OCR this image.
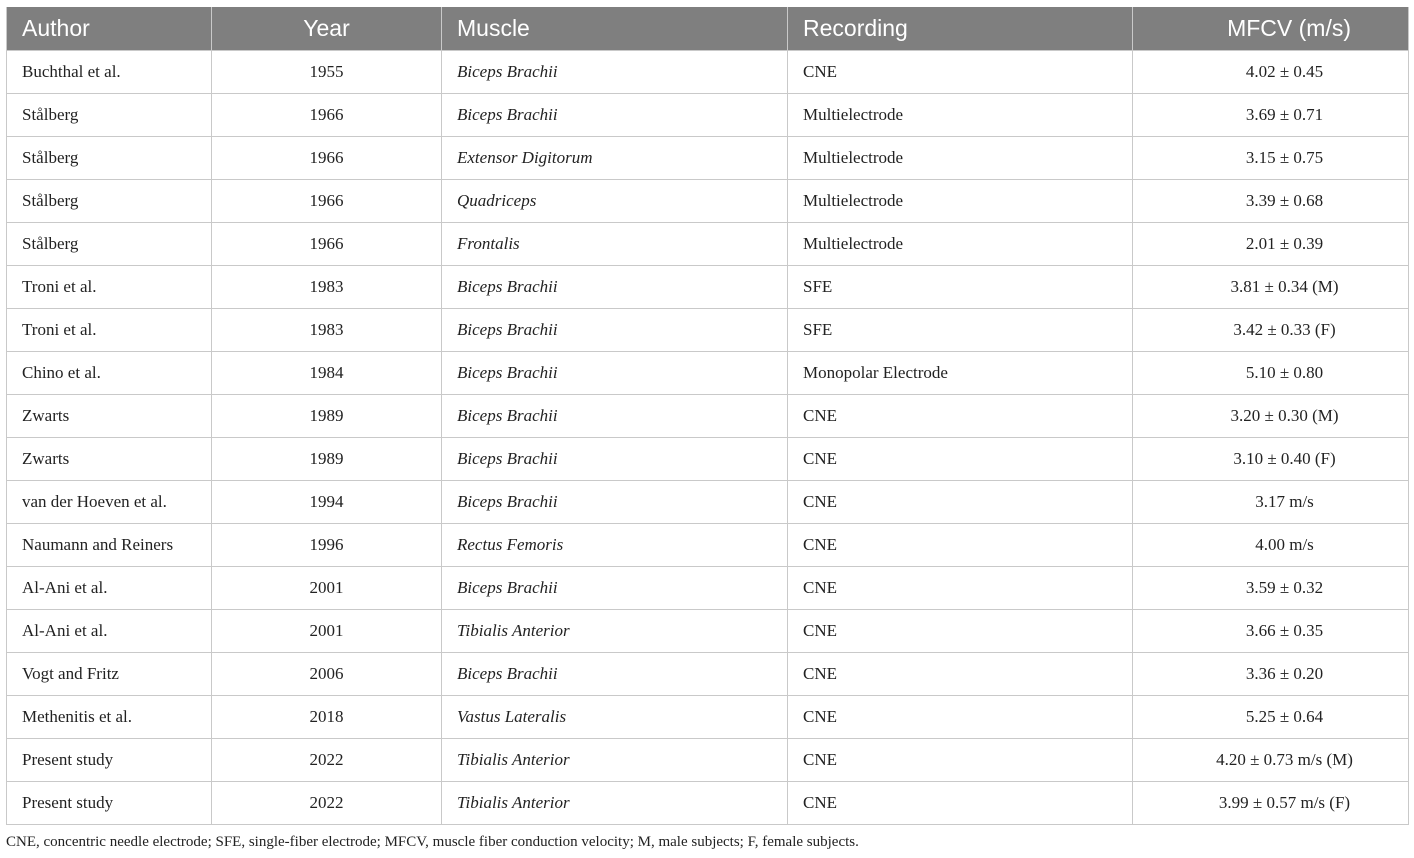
Author	Year	Muscle	Recording	MFCV (m/s)
Buchthal et al.	1955	Biceps Brachii	CNE	4.02 ± 0.45
Stålberg	1966	Biceps Brachii	Multielectrode	3.69 ± 0.71
Stålberg	1966	Extensor Digitorum	Multielectrode	3.15 ± 0.75
Stålberg	1966	Quadriceps	Multielectrode	3.39 ± 0.68
Stålberg	1966	Frontalis	Multielectrode	2.01 ± 0.39
Troni et al.	1983	Biceps Brachii	SFE	3.81 ± 0.34 (M)
Troni et al.	1983	Biceps Brachii	SFE	3.42 ± 0.33 (F)
Chino et al.	1984	Biceps Brachii	Monopolar Electrode	5.10 ± 0.80
Zwarts	1989	Biceps Brachii	CNE	3.20 ± 0.30 (M)
Zwarts	1989	Biceps Brachii	CNE	3.10 ± 0.40 (F)
van der Hoeven et al.	1994	Biceps Brachii	CNE	3.17 m/s
Naumann and Reiners	1996	Rectus Femoris	CNE	4.00 m/s
Al-Ani et al.	2001	Biceps Brachii	CNE	3.59 ± 0.32
Al-Ani et al.	2001	Tibialis Anterior	CNE	3.66 ± 0.35
Vogt and Fritz	2006	Biceps Brachii	CNE	3.36 ± 0.20
Methenitis et al.	2018	Vastus Lateralis	CNE	5.25 ± 0.64
Present study	2022	Tibialis Anterior	CNE	4.20 ± 0.73 m/s (M)
Present study	2022	Tibialis Anterior	CNE	3.99 ± 0.57 m/s (F)
CNE, concentric needle electrode; SFE, single-fiber electrode; MFCV, muscle fiber conduction velocity; M, male subjects; F, female subjects.
